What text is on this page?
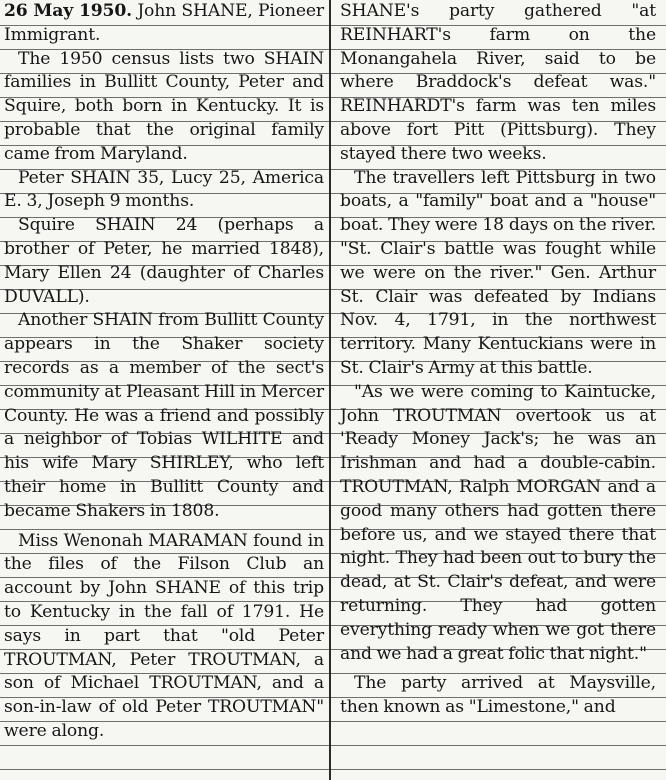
26 May 1950. John SHANE, Pioneer Immigrant.

The 1950 census lists two SHAIN families in Bullitt County, Peter and Squire, both born in Kentucky. It is probable that the original family came from Maryland.

Peter SHAIN 35, Lucy 25, America E. 3, Joseph 9 months.

Squire SHAIN 24 (perhaps a brother of Peter, he married 1848), Mary Ellen 24 (daughter of Charles DUVALL).

Another SHAIN from Bullitt County appears in the Shaker society records as a member of the sect's community at Pleasant Hill in Mercer County. He was a friend and possibly a neighbor of Tobias WILHITE and his wife Mary SHIRLEY, who left their home in Bullitt County and became Shakers in 1808.

Miss Wenonah MARAMAN found in the files of the Filson Club an account by John SHANE of this trip to Kentucky in the fall of 1791. He says in part that "old Peter TROUTMAN, Peter TROUTMAN, a son of Michael TROUTMAN, and a son-in-law of old Peter TROUTMAN" were along.

SHANE's party gathered "at REINHART's farm on the Monangahela River, said to be where Braddock's defeat was." REINHARDT's farm was ten miles above fort Pitt (Pittsburg). They stayed there two weeks.

The travellers left Pittsburg in two boats, a "family" boat and a "house" boat. They were 18 days on the river. "St. Clair's battle was fought while we were on the river." Gen. Arthur St. Clair was defeated by Indians Nov. 4, 1791, in the northwest territory. Many Kentuckians were in St. Clair's Army at this battle.

"As we were coming to Kaintucke, John TROUTMAN overtook us at 'Ready Money Jack's; he was an Irishman and had a double-cabin. TROUTMAN, Ralph MORGAN and a good many others had gotten there before us, and we stayed there that night. They had been out to bury the dead, at St. Clair's defeat, and were returning. They had gotten everything ready when we got there and we had a great folic that night."

The party arrived at Maysville, then known as "Limestone," and
